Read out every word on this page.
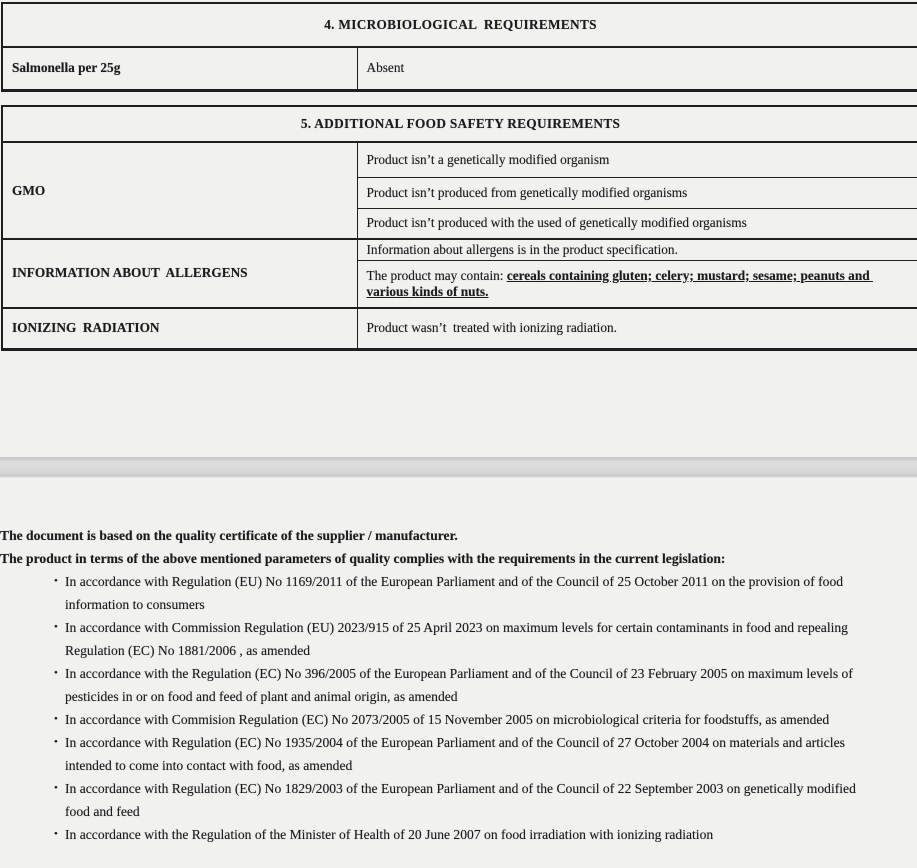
4. MICROBIOLOGICAL  REQUIREMENTS
Salmonella per 25g	Absent
5. ADDITIONAL FOOD SAFETY REQUIREMENTS	
GMO	Product isn’t a genetically modified organism
	Product isn’t produced from genetically modified organisms
	Product isn’t produced with the used of genetically modified organisms
INFORMATION ABOUT  ALLERGENS	Information about allergens is in the product specification.
	The product may contain: cereals containing gluten; celery; mustard; sesame; peanuts and various kinds of nuts.
IONIZING  RADIATION	Product wasn’t  treated with ionizing radiation.

The document is based on the quality certificate of the supplier / manufacturer.

The product in terms of the above mentioned parameters of quality complies with the requirements in the current legislation:

• In accordance with Regulation (EU) No 1169/2011 of the European Parliament and of the Council of 25 October 2011 on the provision of food information to consumers
• In accordance with Commission Regulation (EU) 2023/915 of 25 April 2023 on maximum levels for certain contaminants in food and repealing Regulation (EC) No 1881/2006 , as amended
• In accordance with the Regulation (EC) No 396/2005 of the European Parliament and of the Council of 23 February 2005 on maximum levels of pesticides in or on food and feed of plant and animal origin, as amended
• In accordance with Commision Regulation (EC) No 2073/2005 of 15 November 2005 on microbiological criteria for foodstuffs, as amended
• In accordance with Regulation (EC) No 1935/2004 of the European Parliament and of the Council of 27 October 2004 on materials and articles intended to come into contact with food, as amended
• In accordance with Regulation (EC) No 1829/2003 of the European Parliament and of the Council of 22 September 2003 on genetically modified food and feed
• In accordance with the Regulation of the Minister of Health of 20 June 2007 on food irradiation with ionizing radiation
